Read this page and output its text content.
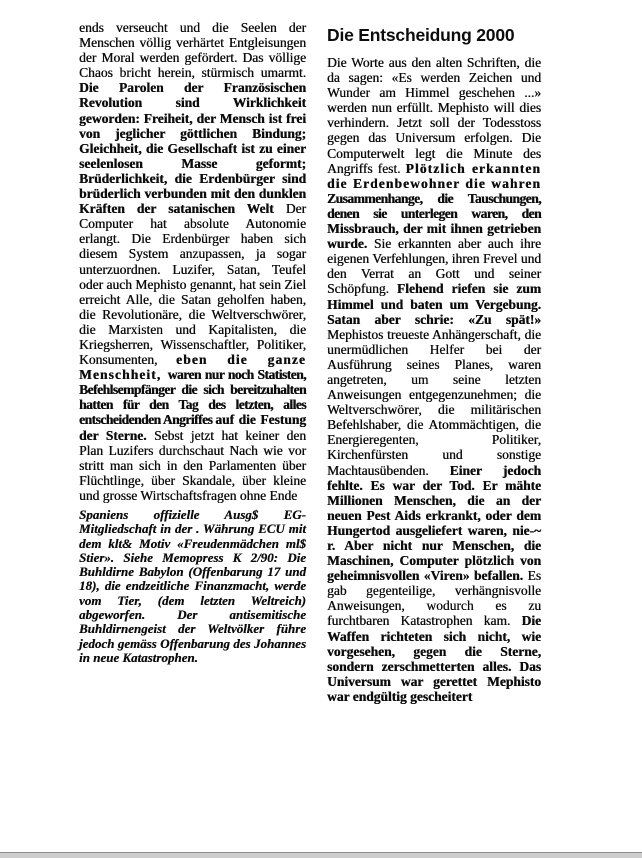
ends verseucht und die Seelen der Menschen völlig verhärtet Entgleisungen der Moral werden gefördert. Das völlige Chaos bricht herein, stürmisch umarmt. Die Parolen der Französischen Revolution sind Wirklichkeit geworden: Freiheit, der Mensch ist frei von jeglicher göttlichen Bindung; Gleichheit, die Gesellschaft ist zu einer seelenlosen Masse geformt; Brüderlichkeit, die Erdenbürger sind brüderlich verbunden mit den dunklen Kräften der satanischen Welt Der Computer hat absolute Autonomie erlangt. Die Erdenbürger haben sich diesem System anzupassen, ja sogar unterzuordnen. Luzifer, Satan, Teufel oder auch Mephisto genannt, hat sein Ziel erreicht Alle, die Satan geholfen haben, die Revolutionäre, die Weltverschwörer, die Marxisten und Kapitalisten, die Kriegsherren, Wissenschaftler, Politiker, Konsumenten, eben die ganze Menschheit, waren nur noch Statisten, Befehlsempfänger die sich bereitzuhalten hatten für den Tag des letzten, alles entscheidenden Angriffes auf die Festung der Sterne. Sebst jetzt hat keiner den Plan Luzifers durchschaut Nach wie vor stritt man sich in den Parlamenten über Flüchtlinge, über Skandale, über kleine und grosse Wirtschaftsfragen ohne Ende

Spaniens offizielle Ausg$ EG-Mitgliedschaft in der . Währung ECU mit dem klt& Motiv «Freudenmädchen ml$ Stier». Siehe Memopress K 2/90: Die Buhldirne Babylon (Offenbarung 17 und 18), die endzeitliche Finanzmacht, werde vom Tier, (dem letzten Weltreich) abgeworfen. Der antisemitische Buhldirnengeist der Weltvölker führe jedoch gemäss Offenbarung des Johannes in neue Katastrophen.

Die Entscheidung 2000

Die Worte aus den alten Schriften, die da sagen: «Es werden Zeichen und Wunder am Himmel geschehen ...» werden nun erfüllt. Mephisto will dies verhindern. Jetzt soll der Todesstoss gegen das Universum erfolgen. Die Computerwelt legt die Minute des Angriffs fest. Plötzlich erkannten die Erdenbewohner die wahren Zusammenhange, die Tauschungen, denen sie unterlegen waren, den Missbrauch, der mit ihnen getrieben wurde. Sie erkannten aber auch ihre eigenen Verfehlungen, ihren Frevel und den Verrat an Gott und seiner Schöpfung. Flehend riefen sie zum Himmel und baten um Vergebung. Satan aber schrie: «Zu spät!» Mephistos treueste Anhängerschaft, die unermüdlichen Helfer bei der Ausführung seines Planes, waren angetreten, um seine letzten Anweisungen entgegenzunehmen; die Weltverschwörer, die militärischen Befehlshaber, die Atommächtigen, die Energieregenten, Politiker, Kirchenfürsten und sonstige Machtausübenden. Einer jedoch fehlte. Es war der Tod. Er mähte Millionen Menschen, die an der neuen Pest Aids erkrankt, oder dem Hungertod ausgeliefert waren, nie-~ r. Aber nicht nur Menschen, die Maschinen, Computer plötzlich von geheimnisvollen «Viren» befallen. Es gab gegenteilige, verhängnisvolle Anweisungen, wodurch es zu furchtbaren Katastrophen kam. Die Waffen richteten sich nicht, wie vorgesehen, gegen die Sterne, sondern zerschmetterten alles. Das Universum war gerettet Mephisto war endgültig gescheitert
